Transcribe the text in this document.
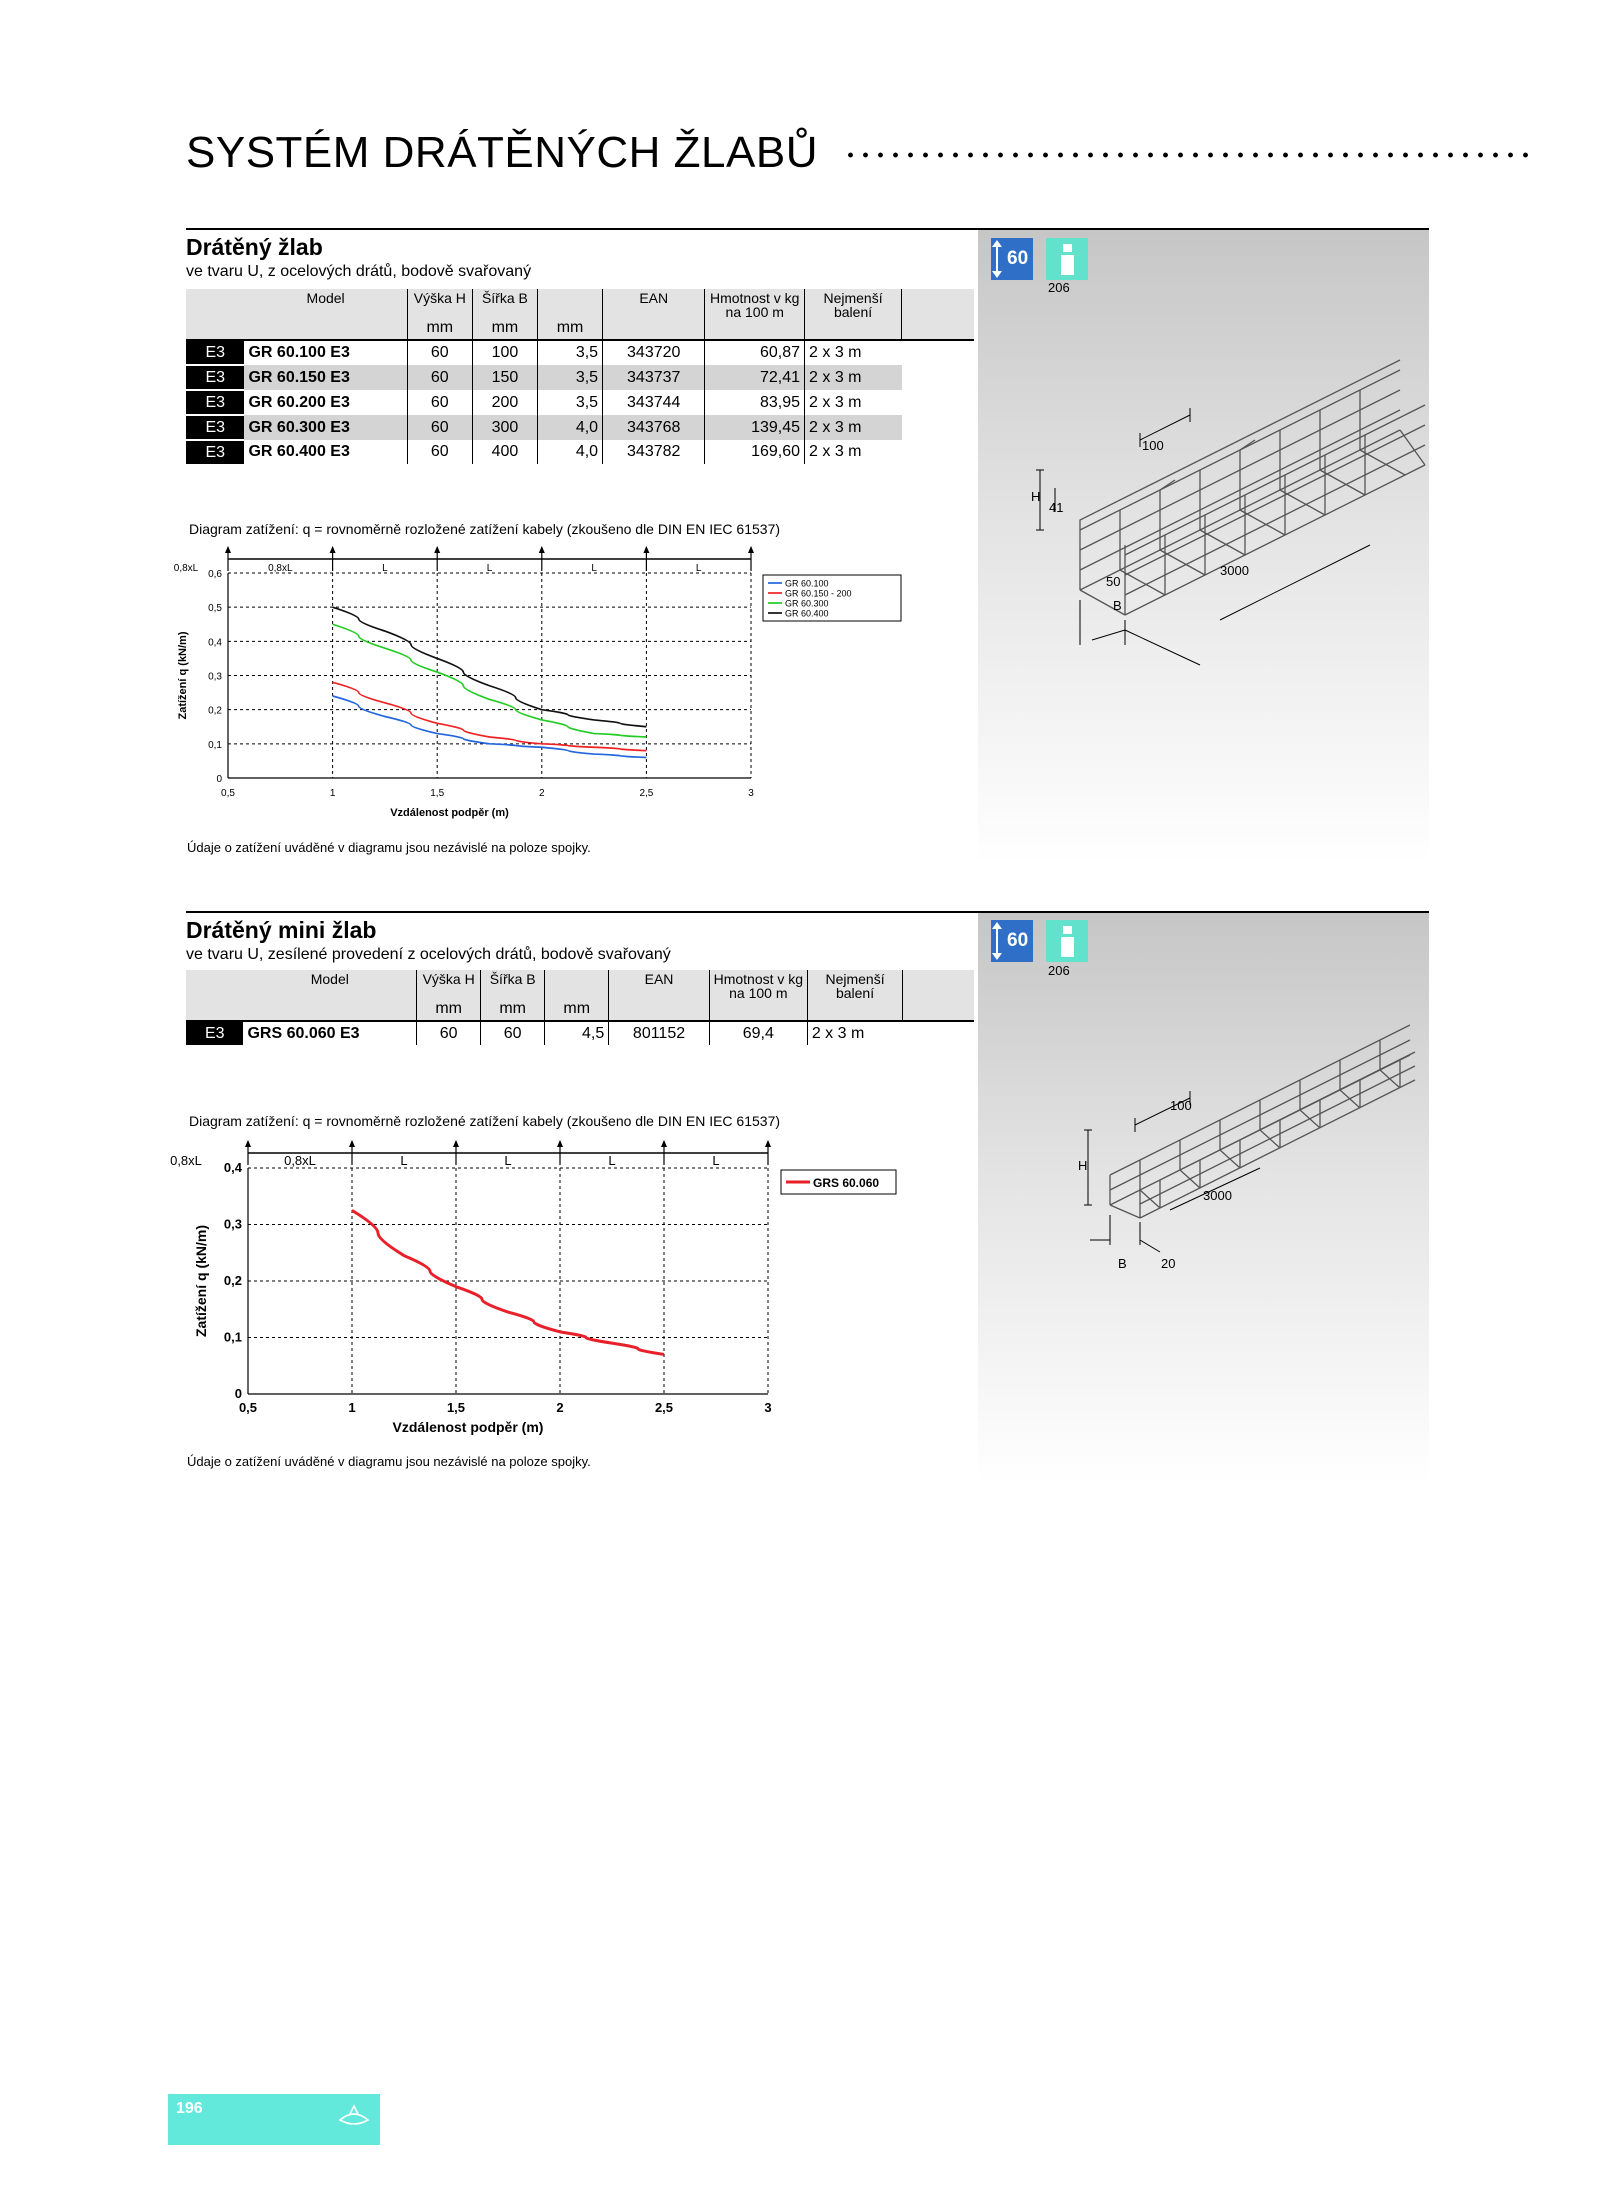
SYSTÉM DRÁTĚNÝCH ŽLABŮ
Drátěný žlab
ve tvaru U, z ocelových drátů, bodově svařovaný
60
206
	Model	Výška H	Šířka B		EAN	Hmotnost v kg na 100 m	Nejmenší balení	
		mm	mm	mm				
E3	GR 60.100 E3	60	100	3,5	343720	60,87	2 x 3 m	
E3	GR 60.150 E3	60	150	3,5	343737	72,41	2 x 3 m	
E3	GR 60.200 E3	60	200	3,5	343744	83,95	2 x 3 m	
E3	GR 60.300 E3	60	300	4,0	343768	139,45	2 x 3 m	
E3	GR 60.400 E3	60	400	4,0	343782	169,60	2 x 3 m		100
H
41
50
B
3000
Diagram zatížení: q = rovnoměrně rozložené zatížení kabely (zkoušeno dle DIN EN IEC 61537)
0,8xL	L	L	L	L
0,8xL
0
0,1
0,2
0,3
0,4
0,5
0,6
0,5	1	1,5	2	2,5	3
Vzdálenost podpěr (m)
Zatížení q (kN/m)
GR 60.100
GR 60.150 - 200
GR 60.300
GR 60.400
Údaje o zatížení uváděné v diagramu jsou nezávislé na poloze spojky.
Drátěný mini žlab
ve tvaru U, zesílené provedení z ocelových drátů, bodově svařovaný
60
206
	Model	Výška H	Šířka B		EAN	Hmotnost v kg na 100 m	Nejmenší balení	
		mm	mm	mm				
E3	GRS 60.060 E3	60	60	4,5	801152	69,4	2 x 3 m	
100
H
3000
B	20
Diagram zatížení: q = rovnoměrně rozložené zatížení kabely (zkoušeno dle DIN EN IEC 61537)
0,8xL	L	L	L	L
0,8xL
0
0,1
0,2
0,3
0,4
0,5	1	1,5	2	2,5	3
Vzdálenost podpěr (m)
Zatížení q (kN/m)
GRS 60.060
Údaje o zatížení uváděné v diagramu jsou nezávislé na poloze spojky.
196
